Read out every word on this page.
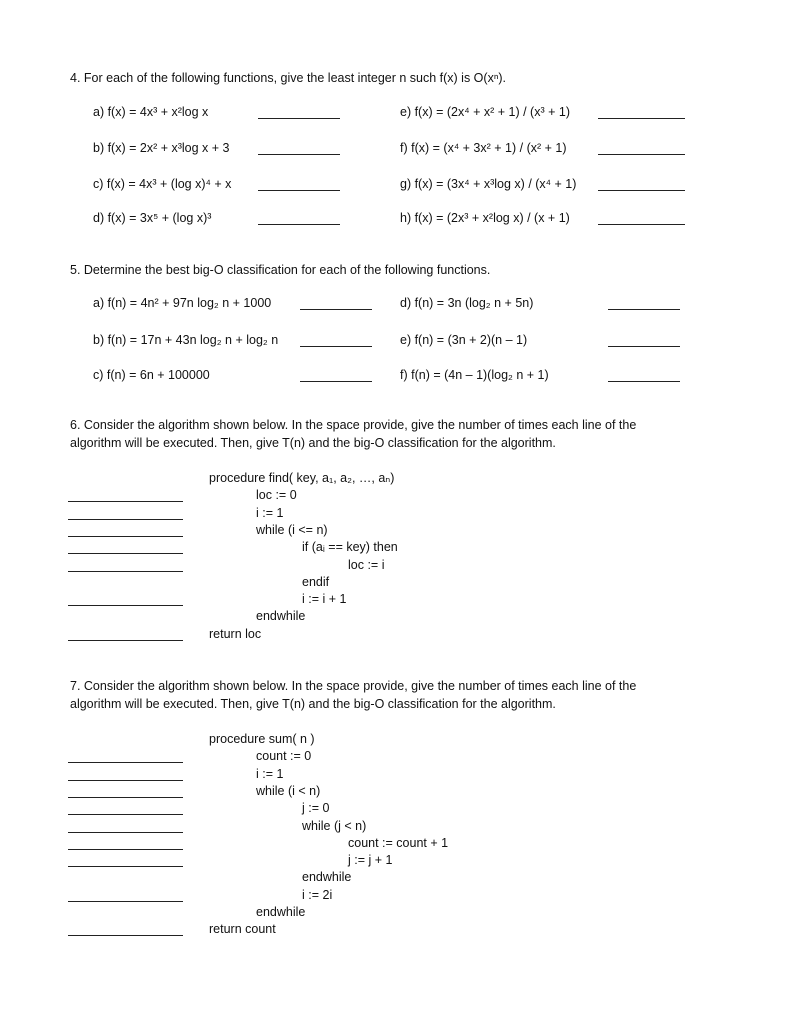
4. For each of the following functions, give the least integer n such f(x) is O(xⁿ).
5. Determine the best big-O classification for each of the following functions.
6. Consider the algorithm shown below. In the space provide, give the number of times each line of the
algorithm will be executed. Then, give T(n) and the big-O classification for the algorithm.
7. Consider the algorithm shown below. In the space provide, give the number of times each line of the
algorithm will be executed. Then, give T(n) and the big-O classification for the algorithm.
a) f(x) = 4x³ + x²log x	e) f(x) = (2x⁴ + x² + 1) / (x³ + 1)
b) f(x) = 2x² + x³log x + 3	f) f(x) = (x⁴ + 3x² + 1) / (x² + 1)
c) f(x) = 4x³ + (log x)⁴ + x	g) f(x) = (3x⁴ + x³log x) / (x⁴ + 1)
d) f(x) = 3x⁵ + (log x)³	h) f(x) = (2x³ + x²log x) / (x + 1)
a) f(n) = 4n² + 97n log₂ n + 1000	d) f(n) = 3n (log₂ n + 5n)
b) f(n) = 17n + 43n log₂ n + log₂ n	e) f(n) = (3n + 2)(n – 1)
c) f(n) = 6n + 100000	f) f(n) = (4n – 1)(log₂ n + 1)
procedure find( key, a₁, a₂, …, aₙ)
loc := 0
i := 1
while (i <= n)
if (aᵢ == key) then
loc := i
endif
i := i + 1
endwhile
return loc
procedure sum( n )
count := 0
i := 1
while (i < n)
j := 0
while (j < n)
count := count + 1
j := j + 1
endwhile
i := 2i
endwhile
return count
